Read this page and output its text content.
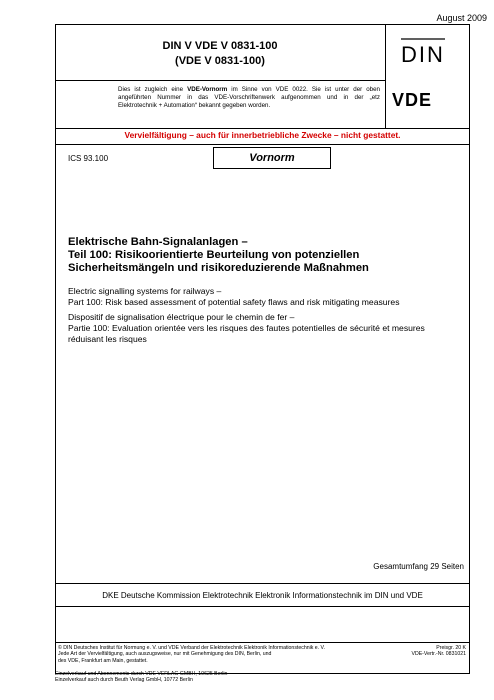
August 2009
DIN V VDE V 0831-100
(VDE V 0831-100)
Dies ist zugleich eine VDE-Vornorm im Sinne von VDE 0022. Sie ist unter der oben angeführten Nummer in das VDE-Vorschriftenwerk aufgenommen und in der „etz Elektrotechnik + Automation“ bekannt gegeben worden.
DIN
VDE
Vervielfältigung – auch für innerbetriebliche Zwecke – nicht gestattet.
ICS 93.100	Vornorm
Elektrische Bahn-Signalanlagen –
Teil 100: Risikoorientierte Beurteilung von potenziellen Sicherheitsmängeln und risikoreduzierende Maßnahmen
Electric signalling systems for railways –
Part 100: Risk based assessment of potential safety flaws and risk mitigating measures
Dispositif de signalisation électrique pour le chemin de fer –
Partie 100: Evaluation orientée vers les risques des fautes potentielles de sécurité et mesures réduisant les risques
Gesamtumfang 29 Seiten
DKE Deutsche Kommission Elektrotechnik Elektronik Informationstechnik im DIN und VDE
© DIN Deutsches Institut für Normung e. V. und VDE Verband der Elektrotechnik Elektronik Informationstechnik e. V.
Jede Art der Vervielfältigung, auch auszugsweise, nur mit Genehmigung des DIN, Berlin, und
des VDE, Frankfurt am Main, gestattet.
Preisgr. 20 K
VDE-Vertr.-Nr. 0831021
Einzelverkauf und Abonnements durch VDE VERLAG GMBH, 10625 Berlin
Einzelverkauf auch durch Beuth Verlag GmbH, 10772 Berlin
